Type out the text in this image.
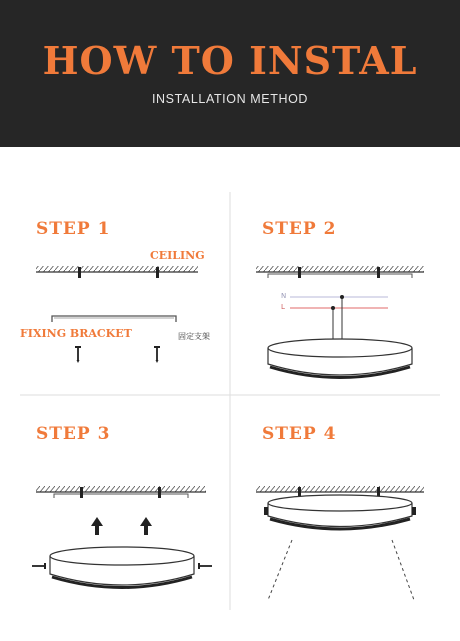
HOW TO INSTAL
INSTALLATION METHOD
STEP 1	STEP 2
STEP 3	STEP 4
CEILING
FIXING BRACKET	固定支架
N
L
